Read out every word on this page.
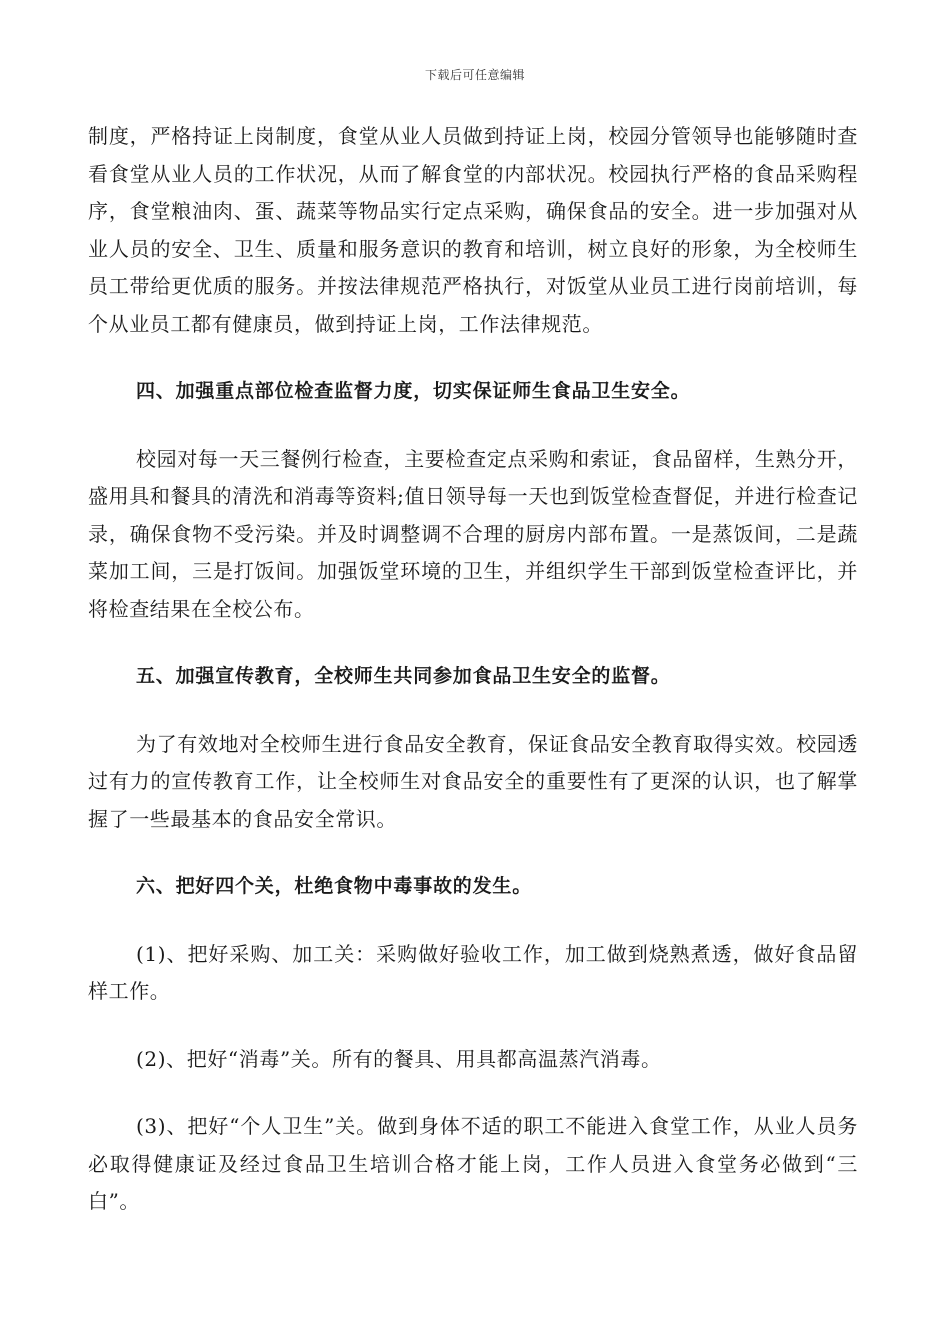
下载后可任意编辑

制度，严格持证上岗制度，食堂从业人员做到持证上岗，校园分管领导也能够随时查看食堂从业人员的工作状况，从而了解食堂的内部状况。校园执行严格的食品采购程序，食堂粮油肉、蛋、蔬菜等物品实行定点采购，确保食品的安全。进一步加强对从业人员的安全、卫生、质量和服务意识的教育和培训，树立良好的形象，为全校师生员工带给更优质的服务。并按法律规范严格执行，对饭堂从业员工进行岗前培训，每个从业员工都有健康员，做到持证上岗，工作法律规范。

四、加强重点部位检查监督力度，切实保证师生食品卫生安全。

校园对每一天三餐例行检查，主要检查定点采购和索证，食品留样，生熟分开，盛用具和餐具的清洗和消毒等资料;值日领导每一天也到饭堂检查督促，并进行检查记录，确保食物不受污染。并及时调整调不合理的厨房内部布置。一是蒸饭间，二是蔬菜加工间，三是打饭间。加强饭堂环境的卫生，并组织学生干部到饭堂检查评比，并将检查结果在全校公布。

五、加强宣传教育，全校师生共同参加食品卫生安全的监督。

为了有效地对全校师生进行食品安全教育，保证食品安全教育取得实效。校园透过有力的宣传教育工作，让全校师生对食品安全的重要性有了更深的认识，也了解掌握了一些最基本的食品安全常识。

六、把好四个关，杜绝食物中毒事故的发生。

(1)、把好采购、加工关：采购做好验收工作，加工做到烧熟煮透，做好食品留样工作。

(2)、把好“消毒”关。所有的餐具、用具都高温蒸汽消毒。

(3)、把好“个人卫生”关。做到身体不适的职工不能进入食堂工作，从业人员务必取得健康证及经过食品卫生培训合格才能上岗，工作人员进入食堂务必做到“三白”。
